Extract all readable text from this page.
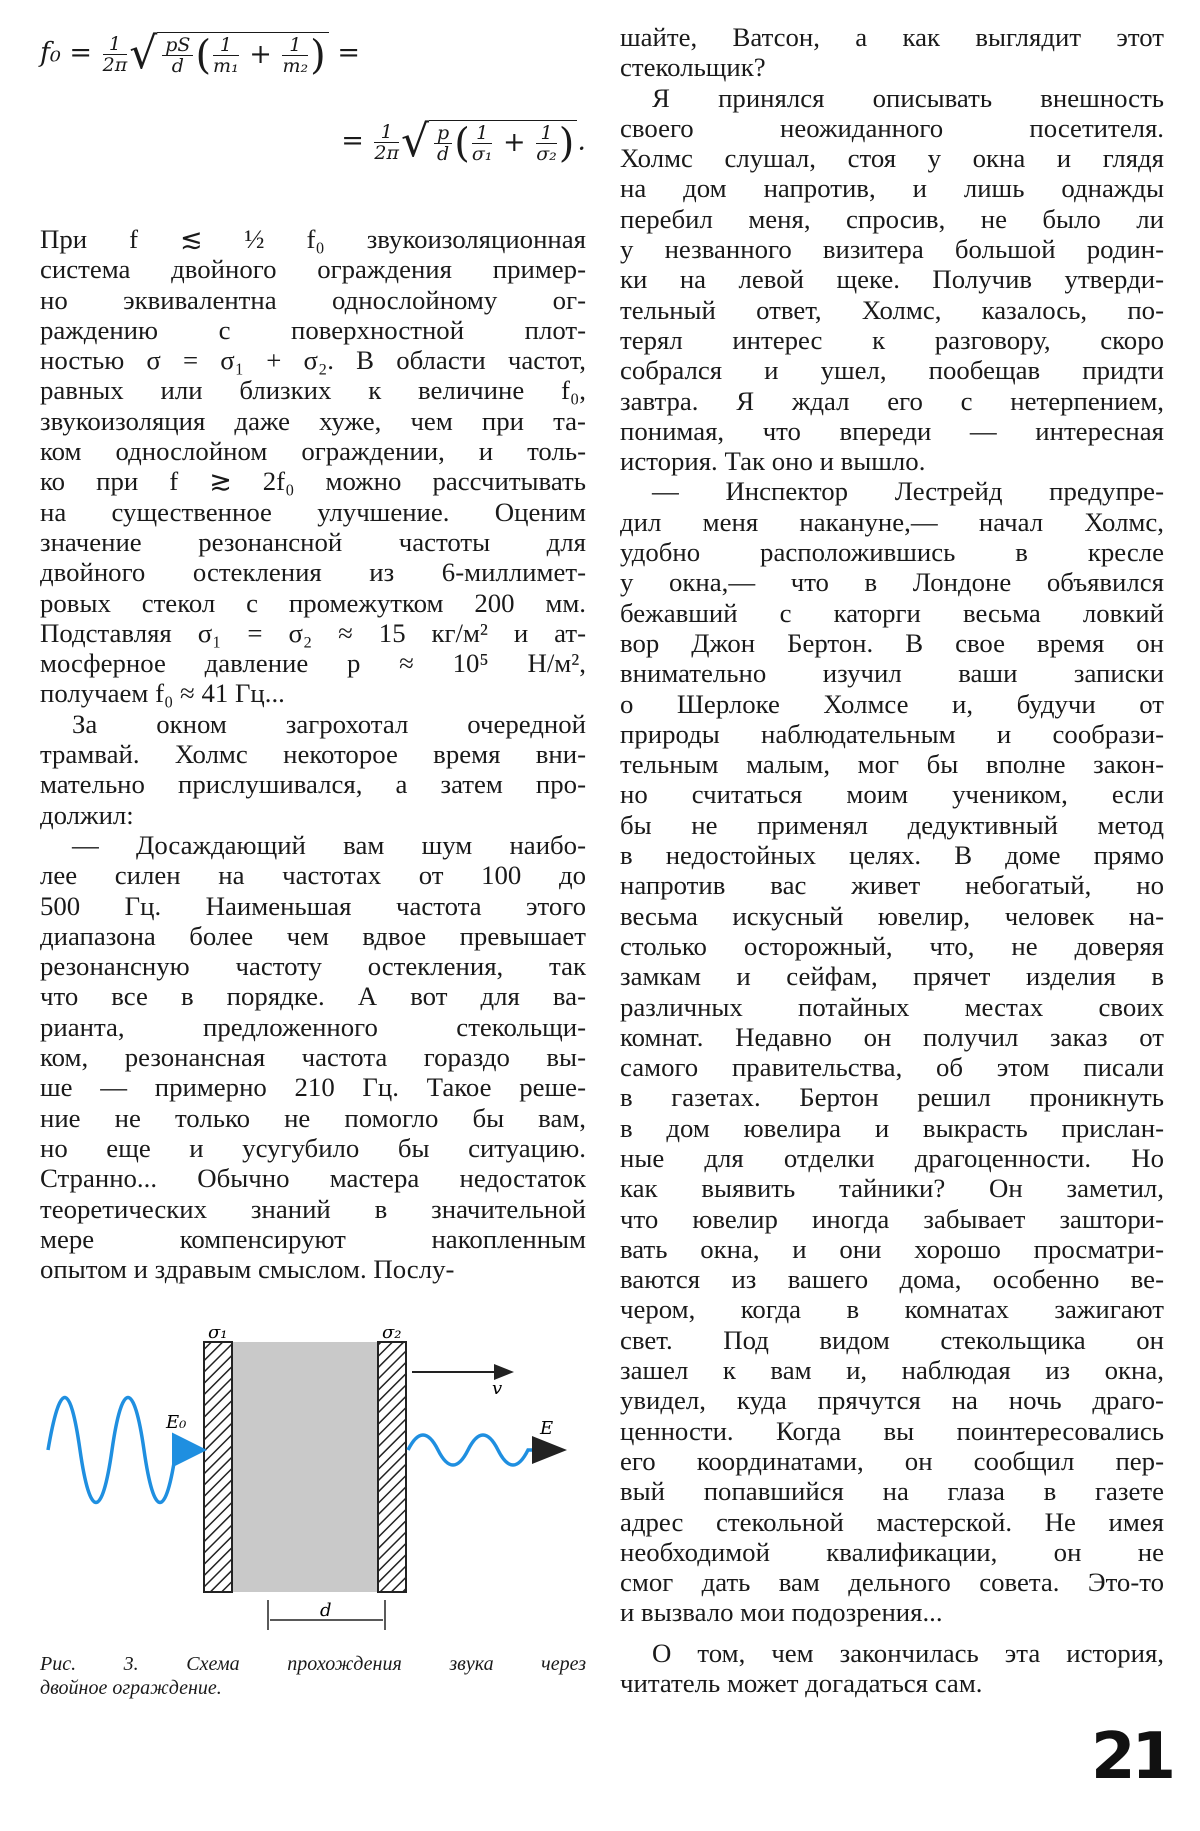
$f_0 = \frac{1}{2\pi}$ √ $\frac{pS}{d}$ ( $\frac{1}{\text{m₁}} + \frac{1}{\text{m₂}}$ ) =
= $\frac{1}{2\pi}$ √ $\frac{p}{d}$ ( $\frac{1}{\text{σ₁}} + \frac{1}{\text{σ₂}}$ ) .
При f ≲ ½ f₀ звукоизоляционная
система двойного ограждения пример-
но эквивалентна однослойному ог-
раждению с поверхностной плот-
ностью σ = σ₁ + σ₂. В области частот,
равных или близких к величине f₀,
звукоизоляция даже хуже, чем при та-
ком однослойном ограждении, и толь-
ко при f ≳ 2f₀ можно рассчитывать
на существенное улучшение. Оценим
значение резонансной частоты для
двойного остекления из 6-миллимет-
ровых стекол с промежутком 200 мм.
Подставляя σ₁ = σ₂ ≈ 15 кг/м² и ат-
мосферное давление p ≈ 10⁵ Н/м²,
получаем f₀ ≈ 41 Гц...
За окном загрохотал очередной
трамвай. Холмс некоторое время вни-
мательно прислушивался, а затем про-
должил:
— Досаждающий вам шум наибо-
лее силен на частотах от 100 до
500 Гц. Наименьшая частота этого
диапазона более чем вдвое превышает
резонансную частоту остекления, так
что все в порядке. А вот для ва-
рианта, предложенного стекольщи-
ком, резонансная частота гораздо вы-
ше — примерно 210 Гц. Такое реше-
ние не только не помогло бы вам,
но еще и усугубило бы ситуацию.
Странно... Обычно мастера недостаток
теоретических знаний в значительной
мере компенсируют накопленным
опытом и здравым смыслом. Послу-
шайте, Ватсон, а как выглядит этот
стекольщик?
Я принялся описывать внешность
своего неожиданного посетителя.
Холмс слушал, стоя у окна и глядя
на дом напротив, и лишь однажды
перебил меня, спросив, не было ли
у незванного визитера большой родин-
ки на левой щеке. Получив утверди-
тельный ответ, Холмс, казалось, по-
терял интерес к разговору, скоро
собрался и ушел, пообещав придти
завтра. Я ждал его с нетерпением,
понимая, что впереди — интересная
история. Так оно и вышло.
— Инспектор Лестрейд предупре-
дил меня накануне,— начал Холмс,
удобно расположившись в кресле
у окна,— что в Лондоне объявился
бежавший с каторги весьма ловкий
вор Джон Бертон. В свое время он
внимательно изучил ваши записки
о Шерлоке Холмсе и, будучи от
природы наблюдательным и сообрази-
тельным малым, мог бы вполне закон-
но считаться моим учеником, если
бы не применял дедуктивный метод
в недостойных целях. В доме прямо
напротив вас живет небогатый, но
весьма искусный ювелир, человек на-
столько осторожный, что, не доверяя
замкам и сейфам, прячет изделия в
различных потайных местах своих
комнат. Недавно он получил заказ от
самого правительства, об этом писали
в газетах. Бертон решил проникнуть
в дом ювелира и выкрасть прислан-
ные для отделки драгоценности. Но
как выявить тайники? Он заметил,
что ювелир иногда забывает заштори-
вать окна, и они хорошо просматри-
ваются из вашего дома, особенно ве-
чером, когда в комнатах зажигают
свет. Под видом стекольщика он
зашел к вам и, наблюдая из окна,
увидел, куда прячутся на ночь драго-
ценности. Когда вы поинтересовались
его координатами, он сообщил пер-
вый попавшийся на глаза в газете
адрес стекольной мастерской. Не имея
необходимой квалификации, он не
смог дать вам дельного совета. Это-то
и вызвало мои подозрения...
О том, чем закончилась эта история,
читатель может догадаться сам.
σ₁	σ₂
v
E₀	E
d
Рис. 3. Схема прохождения звука через
двойное ограждение.
21
